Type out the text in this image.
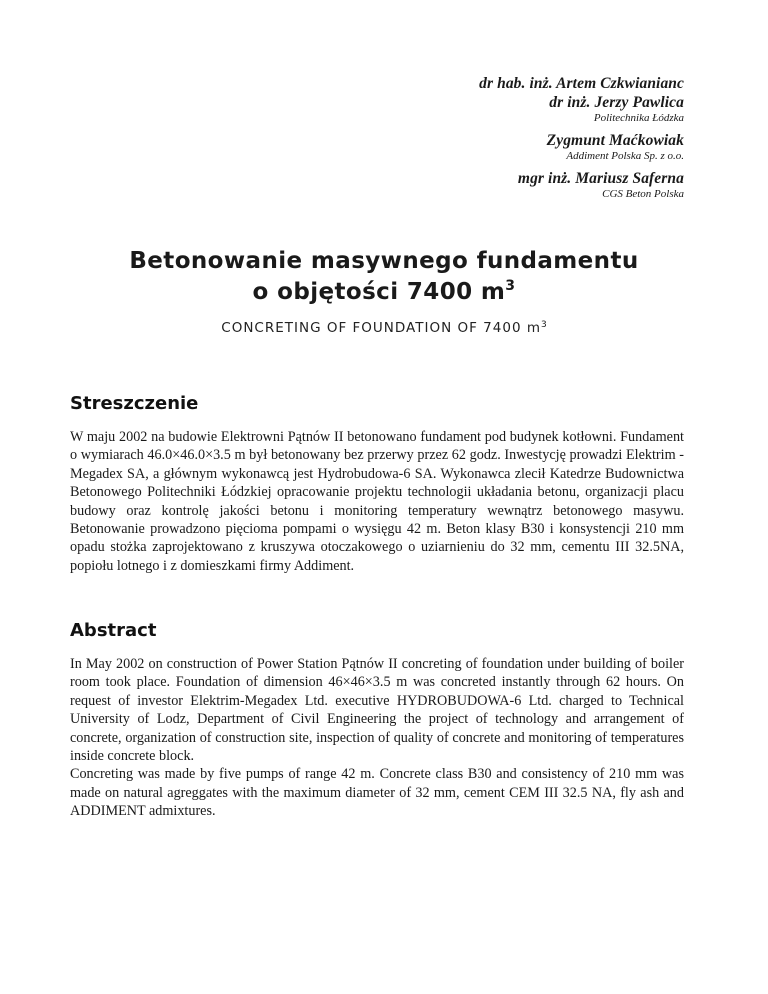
dr hab. inż. Artem Czkwianianc
dr inż. Jerzy Pawlica
Politechnika Łódzka
Zygmunt Maćkowiak
Addiment Polska Sp. z o.o.
mgr inż. Mariusz Saferna
CGS Beton Polska
Betonowanie masywnego fundamentu
o objętości 7400 $m^3$
CONCRETING OF FOUNDATION OF 7400 $m^3$
Streszczenie

W maju 2002 na budowie Elektrowni Pątnów II betonowano fundament pod budynek kotłowni. Fundament o wymiarach 46.0×46.0×3.5 m był betonowany bez przerwy przez 62 godz. Inwestycję prowadzi Elektrim - Megadex SA, a głównym wykonawcą jest Hydrobudowa-6 SA. Wykonawca zlecił Katedrze Budownictwa Betonowego Politechniki Łódzkiej opracowanie projektu technologii układania betonu, organizacji placu budowy oraz kontrolę jakości betonu i monitoring temperatury wewnątrz betonowego masywu. Betonowanie prowadzono pięcioma pompami o wysięgu 42 m. Beton klasy B30 i konsystencji 210 mm opadu stożka zaprojektowano z kruszywa otoczakowego o uziarnieniu do 32 mm, cementu III 32.5NA, popiołu lotnego i z domieszkami firmy Addiment.

Abstract

In May 2002 on construction of Power Station Pątnów II concreting of foundation under building of boiler room took place. Foundation of dimension 46×46×3.5 m was concreted instantly through 62 hours. On request of investor Elektrim-Megadex Ltd. executive HYDROBUDOWA-6 Ltd. charged to Technical University of Lodz, Department of Civil Engineering the project of technology and arrangement of concrete, organization of construction site, inspection of quality of concrete and monitoring of temperatures inside concrete block.

Concreting was made by five pumps of range 42 m. Concrete class B30 and consistency of 210 mm was made on natural agreggates with the maximum diameter of 32 mm, cement CEM III 32.5 NA, fly ash and ADDIMENT admixtures.
